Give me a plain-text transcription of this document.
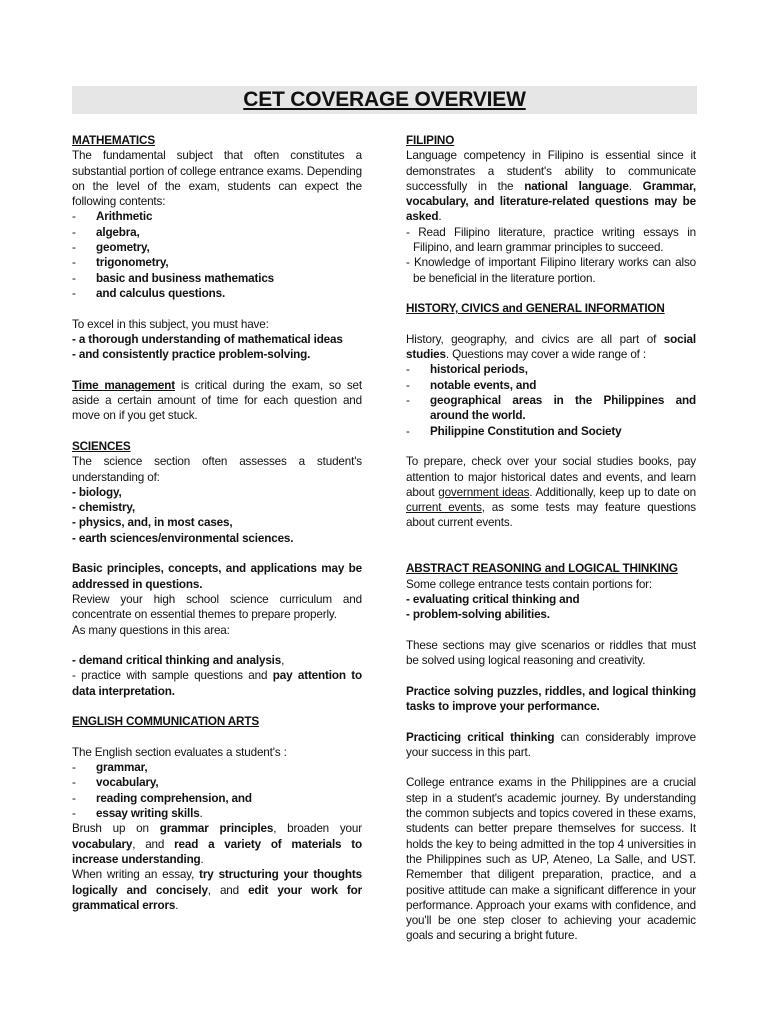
CET COVERAGE OVERVIEW

MATHEMATICS

The fundamental subject that often constitutes a substantial portion of college entrance exams. Depending on the level of the exam, students can expect the following contents:

-	Arithmetic
-	algebra,
-	geometry,
-	trigonometry,
-	basic and business mathematics
-	and calculus questions.

To excel in this subject, you must have:

- a thorough understanding of mathematical ideas

- and consistently practice problem-solving.

Time management is critical during the exam, so set aside a certain amount of time for each question and move on if you get stuck.

SCIENCES

The science section often assesses a student's understanding of:

- biology,

- chemistry,

- physics, and, in most cases,

- earth sciences/environmental sciences.

Basic principles, concepts, and applications may be addressed in questions.

Review your high school science curriculum and concentrate on essential themes to prepare properly.

As many questions in this area:

- demand critical thinking and analysis,

- practice with sample questions and pay attention to data interpretation.

ENGLISH COMMUNICATION ARTS

The English section evaluates a student's :

-	grammar,
-	vocabulary,
-	reading comprehension, and
-	essay writing skills.

Brush up on grammar principles, broaden your vocabulary, and read a variety of materials to increase understanding.

When writing an essay, try structuring your thoughts logically and concisely, and edit your work for grammatical errors.

FILIPINO

Language competency in Filipino is essential since it demonstrates a student's ability to communicate successfully in the national language. Grammar, vocabulary, and literature-related questions may be asked.

- Read Filipino literature, practice writing essays in Filipino, and learn grammar principles to succeed.

- Knowledge of important Filipino literary works can also be beneficial in the literature portion.

HISTORY, CIVICS and GENERAL INFORMATION

History, geography, and civics are all part of social studies. Questions may cover a wide range of :

-	historical periods,
-	notable events, and
-	geographical areas in the Philippines and around the world.
-	Philippine Constitution and Society

To prepare, check over your social studies books, pay attention to major historical dates and events, and learn about government ideas. Additionally, keep up to date on current events, as some tests may feature questions about current events.

ABSTRACT REASONING and LOGICAL THINKING

Some college entrance tests contain portions for:

- evaluating critical thinking and

- problem-solving abilities.

These sections may give scenarios or riddles that must be solved using logical reasoning and creativity.

Practice solving puzzles, riddles, and logical thinking tasks to improve your performance.

Practicing critical thinking can considerably improve your success in this part.

College entrance exams in the Philippines are a crucial step in a student's academic journey. By understanding the common subjects and topics covered in these exams, students can better prepare themselves for success. It holds the key to being admitted in the top 4 universities in the Philippines such as UP, Ateneo, La Salle, and UST. Remember that diligent preparation, practice, and a positive attitude can make a significant difference in your performance. Approach your exams with confidence, and you'll be one step closer to achieving your academic goals and securing a bright future.
